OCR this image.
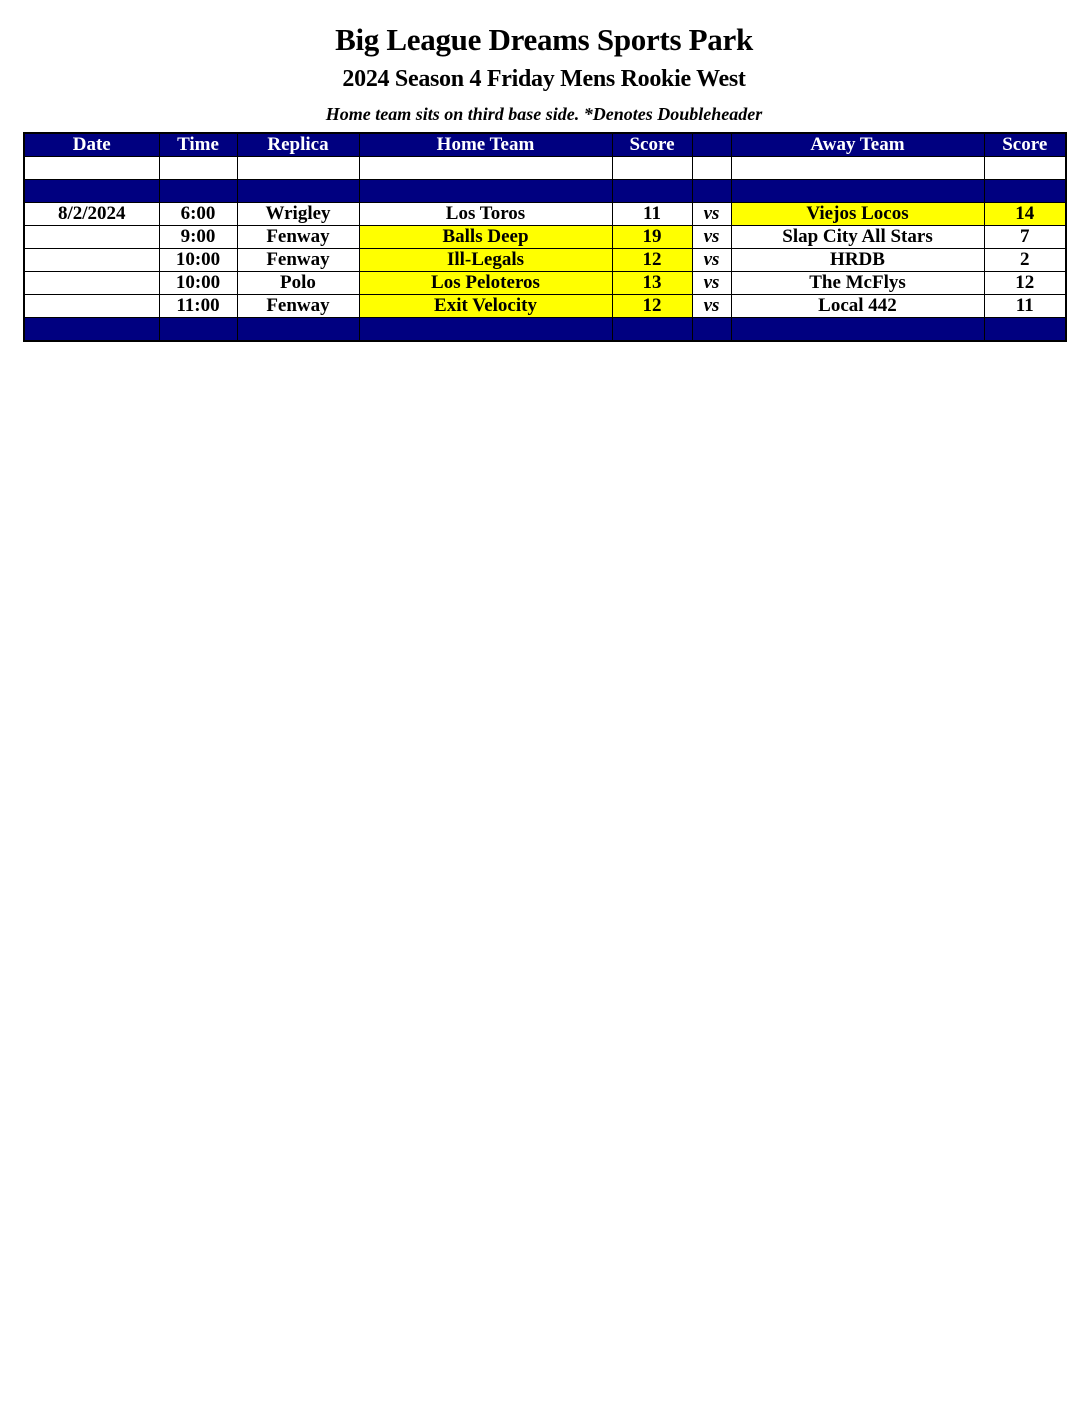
Big League Dreams Sports Park
2024 Season 4 Friday Mens Rookie West
Home team sits on third base side. *Denotes Doubleheader
Date	Time	Replica	Home Team	Score		Away Team	Score

8/2/2024	6:00	Wrigley	Los Toros	11	vs	Viejos Locos	14
	9:00	Fenway	Balls Deep	19	vs	Slap City All Stars	7
	10:00	Fenway	Ill-Legals	12	vs	HRDB	2
	10:00	Polo	Los Peloteros	13	vs	The McFlys	12
	11:00	Fenway	Exit Velocity	12	vs	Local 442	11
